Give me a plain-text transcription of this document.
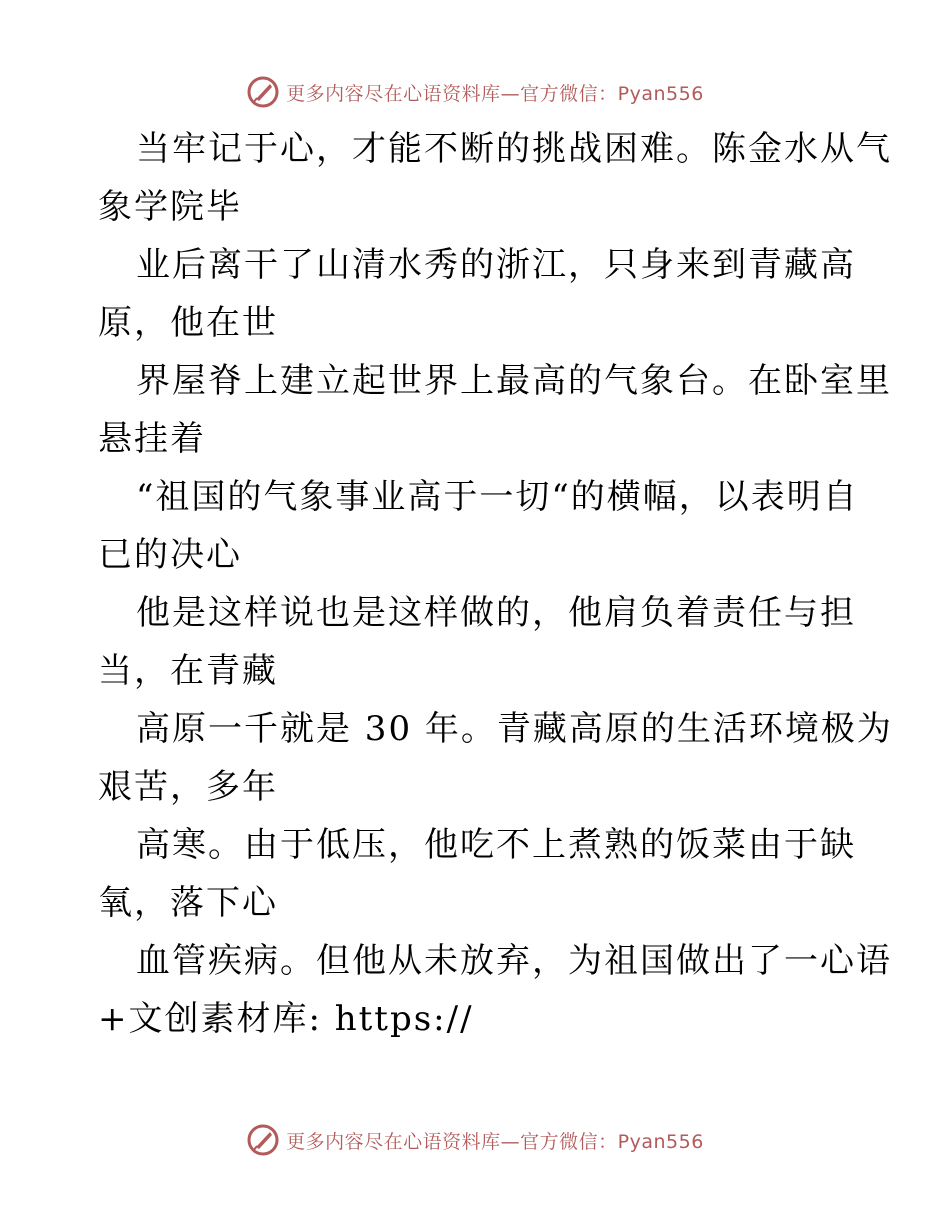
更多内容尽在心语资料库—官方微信：Pyan556
当牢记于心，才能不断的挑战困难。陈金水从气
象学院毕
业后离干了山清水秀的浙江，只身来到青藏高
原，他在世
界屋脊上建立起世界上最高的气象台。在卧室里
悬挂着
“祖国的气象事业高于一切“的横幅，以表明自
已的决心
他是这样说也是这样做的，他肩负着责任与担
当，在青藏
高原一千就是 30 年。青藏高原的生活环境极为
艰苦，多年
高寒。由于低压，他吃不上煮熟的饭菜由于缺
氧，落下心
血管疾病。但他从未放弃，为祖国做出了一心语
+文创素材库: https://
更多内容尽在心语资料库—官方微信：Pyan556
